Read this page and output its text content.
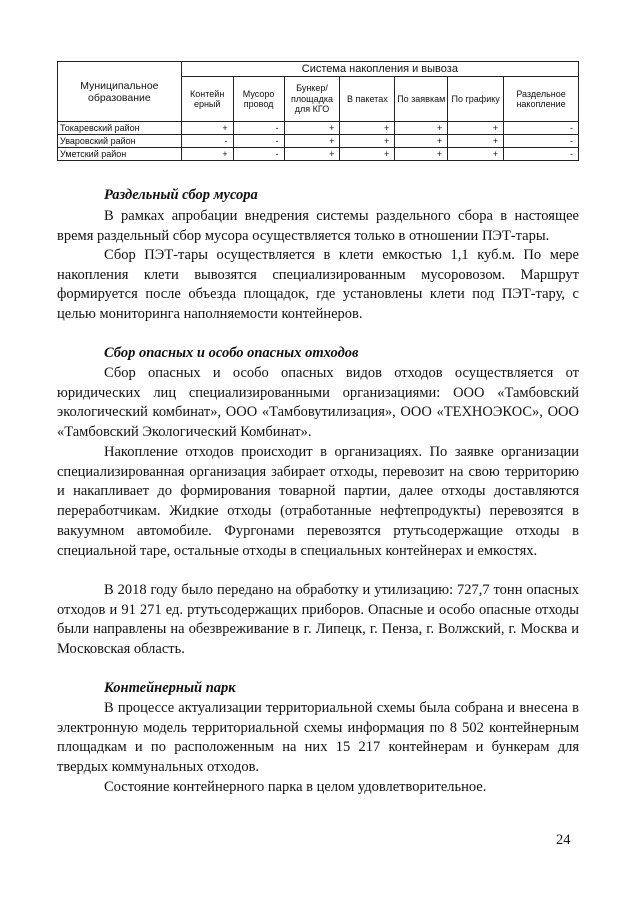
Муниципальное образование	Система накопления и вывоза						
	Контейн ерный	Мусоро провод	Бункер/ площадка для КГО	В пакетах	По заявкам	По графику	Раздельное накопление
Токаревский район	+	-	+	+	+	+	-
Уваровский район	-	-	+	+	+	+	-
Уметский район	+	-	+	+	+	+	-
Раздельный сбор мусора

В рамках апробации внедрения системы раздельного сбора в настоящее время раздельный сбор мусора осуществляется только в отношении ПЭТ-тары.

Сбор ПЭТ-тары осуществляется в клети емкостью 1,1 куб.м. По мере накопления клети вывозятся специализированным мусоровозом. Маршрут формируется после объезда площадок, где установлены клети под ПЭТ-тару, с целью мониторинга наполняемости контейнеров.

Сбор опасных и особо опасных отходов

Сбор опасных и особо опасных видов отходов осуществляется от юридических лиц специализированными организациями: ООО «Тамбовский экологический комбинат», ООО «Тамбовутилизация», ООО «ТЕХНОЭКОС», ООО «Тамбовский Экологический Комбинат».

Накопление отходов происходит в организациях. По заявке организации специализированная организация забирает отходы, перевозит на свою территорию и накапливает до формирования товарной партии, далее отходы доставляются переработчикам. Жидкие отходы (отработанные нефтепродукты) перевозятся в вакуумном автомобиле. Фургонами перевозятся ртутьсодержащие отходы в специальной таре, остальные отходы в специальных контейнерах и емкостях.

В 2018 году было передано на обработку и утилизацию: 727,7 тонн опасных отходов и 91 271 ед. ртутьсодержащих приборов. Опасные и особо опасные отходы были направлены на обезвреживание в г. Липецк, г. Пенза, г. Волжский, г. Москва и Московская область.

Контейнерный парк

В процессе актуализации территориальной схемы была собрана и внесена в электронную модель территориальной схемы информация по 8 502 контейнерным площадкам и по расположенным на них 15 217 контейнерам и бункерам для твердых коммунальных отходов.

Состояние контейнерного парка в целом удовлетворительное.

24
